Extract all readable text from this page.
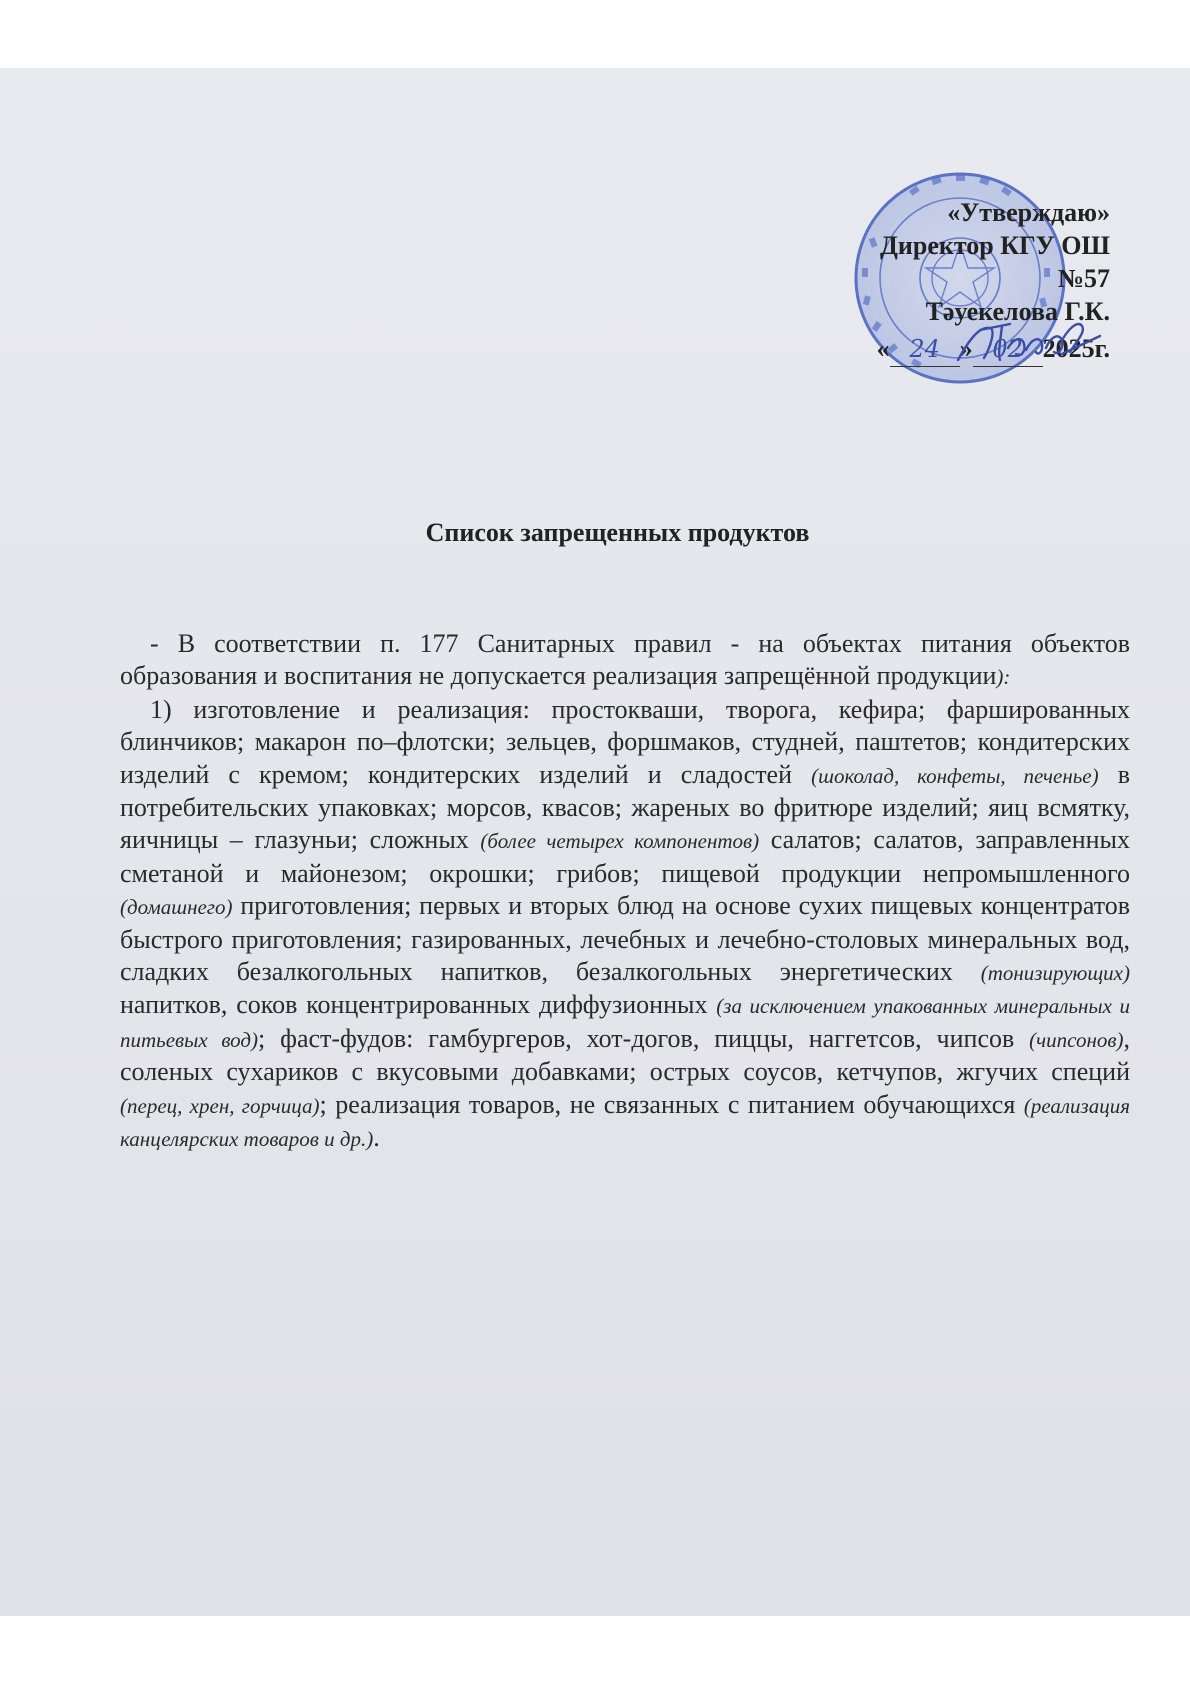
«Утверждаю»
Директор КГУ ОШ
№57
Тәуекелова Г.К.
« 24 » 02 2025г.
Список запрещенных продуктов

- В соответствии п. 177 Санитарных правил - на объектах питания объектов образования и воспитания не допускается реализация запрещённой продукции):

1) изготовление и реализация: простокваши, творога, кефира; фаршированных блинчиков; макарон по–флотски; зельцев, форшмаков, студней, паштетов; кондитерских изделий с кремом; кондитерских изделий и сладостей (шоколад, конфеты, печенье) в потребительских упаковках; морсов, квасов; жареных во фритюре изделий; яиц всмятку, яичницы – глазуньи; сложных (более четырех компонентов) салатов; салатов, заправленных сметаной и майонезом; окрошки; грибов; пищевой продукции непромышленного (домашнего) приготовления; первых и вторых блюд на основе сухих пищевых концентратов быстрого приготовления; газированных, лечебных и лечебно-столовых минеральных вод, сладких безалкогольных напитков, безалкогольных энергетических (тонизирующих) напитков, соков концентрированных диффузионных (за исключением упакованных минеральных и питьевых вод); фаст-фудов: гамбургеров, хот-догов, пиццы, наггетсов, чипсов (чипсонов), соленых сухариков с вкусовыми добавками; острых соусов, кетчупов, жгучих специй (перец, хрен, горчица); реализация товаров, не связанных с питанием обучающихся (реализация канцелярских товаров и др.).
